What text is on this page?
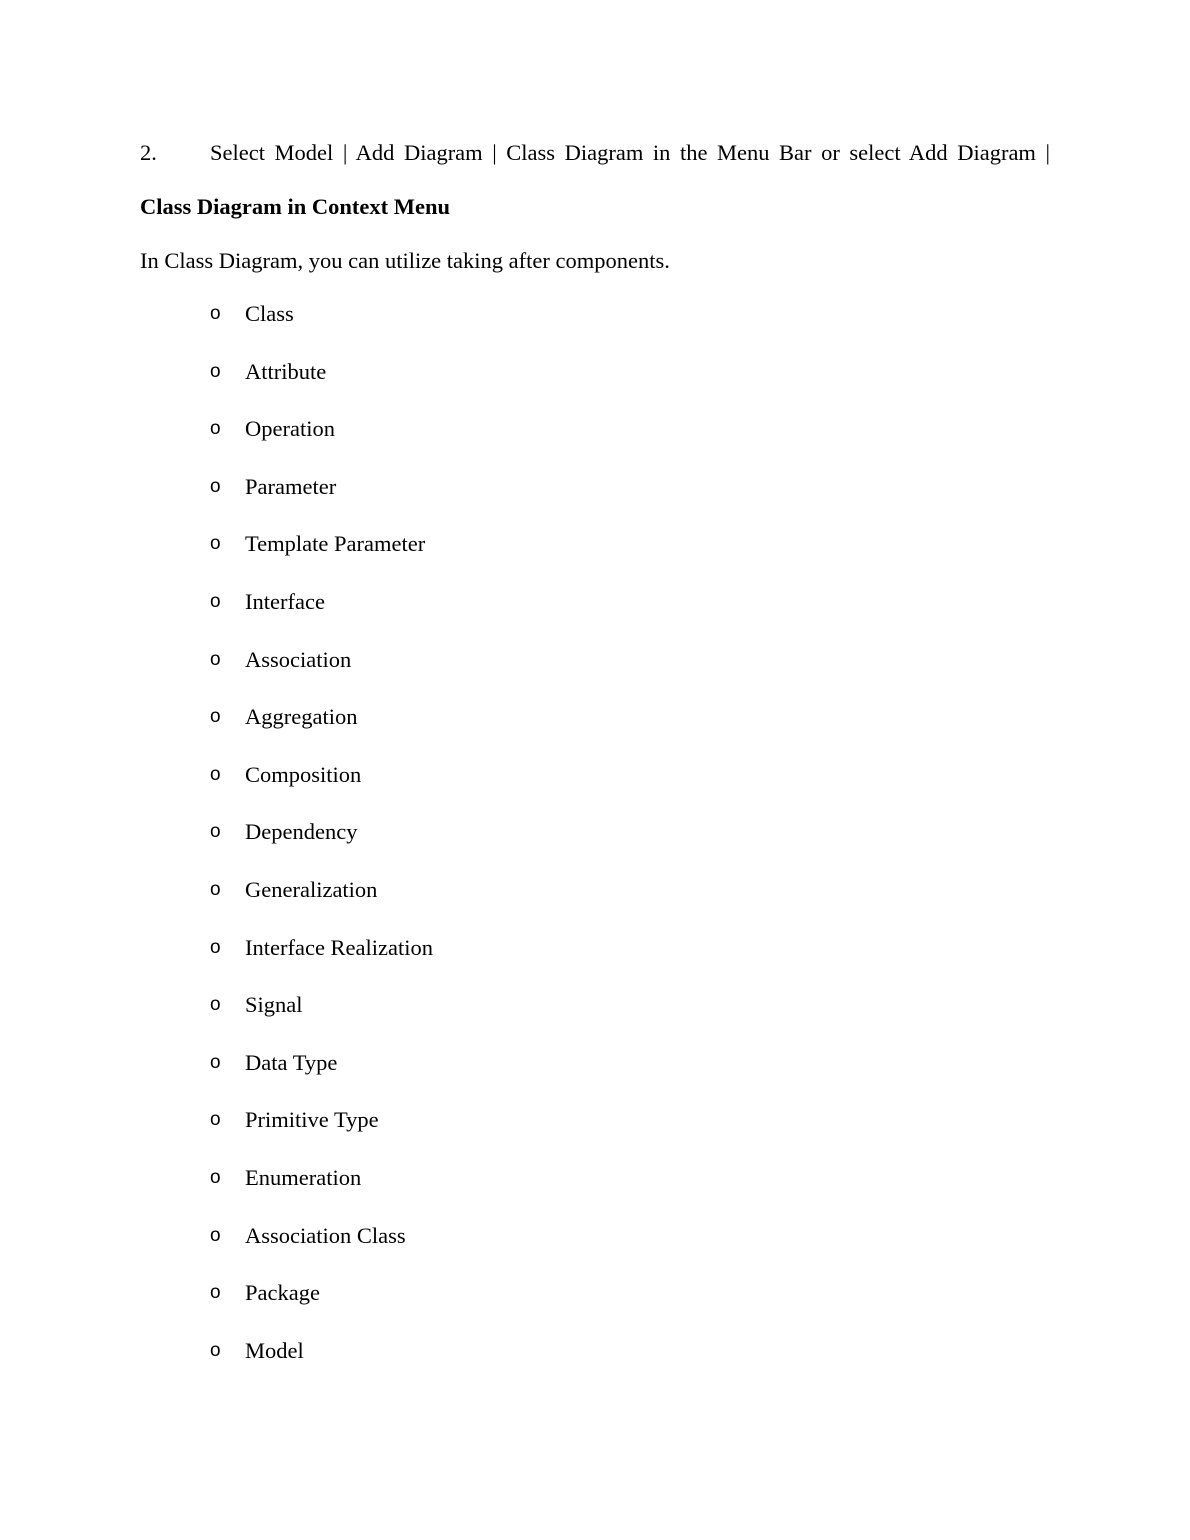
2.	Select Model | Add Diagram | Class Diagram in the Menu Bar or select Add Diagram |
Class Diagram in Context Menu
In Class Diagram, you can utilize taking after components.
o	Class
o	Attribute
o	Operation
o	Parameter
o	Template Parameter
o	Interface
o	Association
o	Aggregation
o	Composition
o	Dependency
o	Generalization
o	Interface Realization
o	Signal
o	Data Type
o	Primitive Type
o	Enumeration
o	Association Class
o	Package
o	Model
